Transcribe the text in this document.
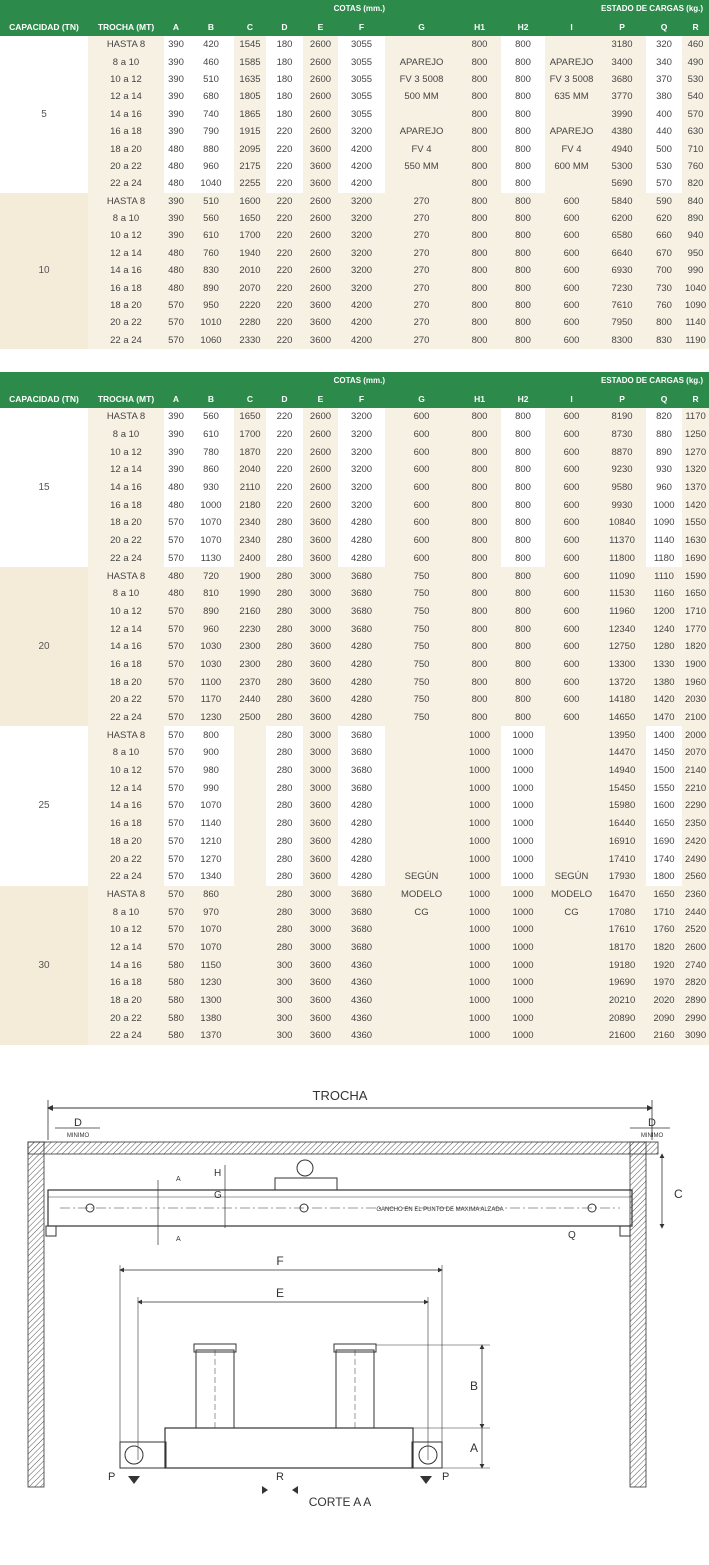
COTAS (mm.)												ESTADO DE CARGAS (kg.)		
CAPACIDAD (TN)	TROCHA (MT)	A	B	C	D	E	F	G	H1	H2	I	P	Q	R
5	HASTA 8	390	420	1545	180	2600	3055		800	800		3180	320	460
	8 a 10	390	460	1585	180	2600	3055	APAREJO	800	800	APAREJO	3400	340	490
	10 a 12	390	510	1635	180	2600	3055	FV 3 5008	800	800	FV 3 5008	3680	370	530
	12 a 14	390	680	1805	180	2600	3055	500 MM	800	800	635 MM	3770	380	540
	14 a 16	390	740	1865	180	2600	3055		800	800		3990	400	570
	16 a 18	390	790	1915	220	2600	3200	APAREJO	800	800	APAREJO	4380	440	630
	18 a 20	480	880	2095	220	3600	4200	FV 4	800	800	FV 4	4940	500	710
	20 a 22	480	960	2175	220	3600	4200	550 MM	800	800	600 MM	5300	530	760
	22 a 24	480	1040	2255	220	3600	4200		800	800		5690	570	820
10	HASTA 8	390	510	1600	220	2600	3200	270	800	800	600	5840	590	840
	8 a 10	390	560	1650	220	2600	3200	270	800	800	600	6200	620	890
	10 a 12	390	610	1700	220	2600	3200	270	800	800	600	6580	660	940
	12 a 14	480	760	1940	220	2600	3200	270	800	800	600	6640	670	950
	14 a 16	480	830	2010	220	2600	3200	270	800	800	600	6930	700	990
	16 a 18	480	890	2070	220	2600	3200	270	800	800	600	7230	730	1040
	18 a 20	570	950	2220	220	3600	4200	270	800	800	600	7610	760	1090
	20 a 22	570	1010	2280	220	3600	4200	270	800	800	600	7950	800	1140
	22 a 24	570	1060	2330	220	3600	4200	270	800	800	600	8300	830	1190
COTAS (mm.)												ESTADO DE CARGAS (kg.)		
CAPACIDAD (TN)	TROCHA (MT)	A	B	C	D	E	F	G	H1	H2	I	P	Q	R
15	HASTA 8	390	560	1650	220	2600	3200	600	800	800	600	8190	820	1170
	8 a 10	390	610	1700	220	2600	3200	600	800	800	600	8730	880	1250
	10 a 12	390	780	1870	220	2600	3200	600	800	800	600	8870	890	1270
	12 a 14	390	860	2040	220	2600	3200	600	800	800	600	9230	930	1320
	14 a 16	480	930	2110	220	2600	3200	600	800	800	600	9580	960	1370
	16 a 18	480	1000	2180	220	2600	3200	600	800	800	600	9930	1000	1420
	18 a 20	570	1070	2340	280	3600	4280	600	800	800	600	10840	1090	1550
	20 a 22	570	1070	2340	280	3600	4280	600	800	800	600	11370	1140	1630
	22 a 24	570	1130	2400	280	3600	4280	600	800	800	600	11800	1180	1690
20	HASTA 8	480	720	1900	280	3000	3680	750	800	800	600	11090	1110	1590
	8 a 10	480	810	1990	280	3000	3680	750	800	800	600	11530	1160	1650
	10 a 12	570	890	2160	280	3000	3680	750	800	800	600	11960	1200	1710
	12 a 14	570	960	2230	280	3000	3680	750	800	800	600	12340	1240	1770
	14 a 16	570	1030	2300	280	3600	4280	750	800	800	600	12750	1280	1820
	16 a 18	570	1030	2300	280	3600	4280	750	800	800	600	13300	1330	1900
	18 a 20	570	1100	2370	280	3600	4280	750	800	800	600	13720	1380	1960
	20 a 22	570	1170	2440	280	3600	4280	750	800	800	600	14180	1420	2030
	22 a 24	570	1230	2500	280	3600	4280	750	800	800	600	14650	1470	2100
25	HASTA 8	570	800		280	3000	3680		1000	1000		13950	1400	2000
	8 a 10	570	900		280	3000	3680		1000	1000		14470	1450	2070
	10 a 12	570	980		280	3000	3680		1000	1000		14940	1500	2140
	12 a 14	570	990		280	3000	3680		1000	1000		15450	1550	2210
	14 a 16	570	1070		280	3600	4280		1000	1000		15980	1600	2290
	16 a 18	570	1140		280	3600	4280		1000	1000		16440	1650	2350
	18 a 20	570	1210		280	3600	4280		1000	1000		16910	1690	2420
	20 a 22	570	1270		280	3600	4280		1000	1000		17410	1740	2490
	22 a 24	570	1340		280	3600	4280	SEGÚN	1000	1000	SEGÚN	17930	1800	2560
30	HASTA 8	570	860		280	3000	3680	MODELO	1000	1000	MODELO	16470	1650	2360
	8 a 10	570	970		280	3000	3680	CG	1000	1000	CG	17080	1710	2440
	10 a 12	570	1070		280	3000	3680		1000	1000		17610	1760	2520
	12 a 14	570	1070		280	3000	3680		1000	1000		18170	1820	2600
	14 a 16	580	1150		300	3600	4360		1000	1000		19180	1920	2740
	16 a 18	580	1230		300	3600	4360		1000	1000		19690	1970	2820
	18 a 20	580	1300		300	3600	4360		1000	1000		20210	2020	2890
	20 a 22	580	1380		300	3600	4360		1000	1000		20890	2090	2990
	22 a 24	580	1370		300	3600	4360		1000	1000		21600	2160	3090
TROCHA
D
MINIMO
D
MINIMO
GANCHO EN EL PUNTO DE MAXIMA ALZADA
H
G
A
A
C
Q
F
E
B
A
P	P
R
CORTE A A
